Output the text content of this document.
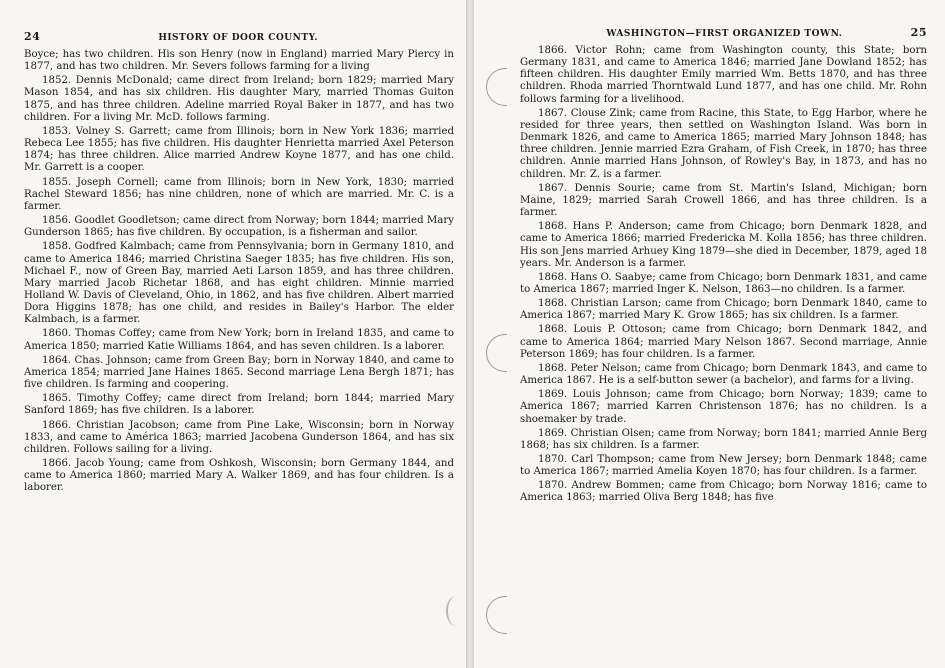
24	HISTORY OF DOOR COUNTY.

Boyce; has two children. His son Henry (now in England) married Mary Piercy in 1877, and has two children. Mr. Severs follows farming for a living

1852. Dennis McDonald; came direct from Ireland; born 1829; married Mary Mason 1854, and has six children. His daughter Mary, married Thomas Guiton 1875, and has three children. Adeline married Royal Baker in 1877, and has two children. For a living Mr. McD. follows farming.

1853. Volney S. Garrett; came from Illinois; born in New York 1836; married Rebeca Lee 1855; has five children. His daughter Henrietta married Axel Peterson 1874; has three children. Alice married Andrew Koyne 1877, and has one child. Mr. Garrett is a cooper.

1855. Joseph Cornell; came from Illinois; born in New York, 1830; married Rachel Steward 1856; has nine children, none of which are married. Mr. C. is a farmer.

1856. Goodlet Goodletson; came direct from Norway; born 1844; married Mary Gunderson 1865; has five children. By occupation, is a fisherman and sailor.

1858. Godfred Kalmbach; came from Pennsylvania; born in Germany 1810, and came to America 1846; married Christina Saeger 1835; has five children. His son, Michael F., now of Green Bay, married Aeti Larson 1859, and has three children. Mary married Jacob Richetar 1868, and has eight children. Minnie married Holland W. Davis of Cleveland, Ohio, in 1862, and has five children. Albert married Dora Higgins 1878; has one child, and resides in Bailey's Harbor. The elder Kalmbach, is a farmer.

1860. Thomas Coffey; came from New York; born in Ireland 1835, and came to America 1850; married Katie Williams 1864, and has seven children. Is a laborer.

1864. Chas. Johnson; came from Green Bay; born in Norway 1840, and came to America 1854; married Jane Haines 1865. Second marriage Lena Bergh 1871; has five children. Is farming and coopering.

1865. Timothy Coffey; came direct from Ireland; born 1844; married Mary Sanford 1869; has five children. Is a laborer.

1866. Christian Jacobson; came from Pine Lake, Wisconsin; born in Norway 1833, and came to América 1863; married Jacobena Gunderson 1864, and has six children. Follows sailing for a living.

1866. Jacob Young; came from Oshkosh, Wisconsin; born Germany 1844, and came to America 1860; married Mary A. Walker 1869, and has four children. Is a laborer.

WASHINGTON—FIRST ORGANIZED TOWN.	25

1866. Victor Rohn; came from Washington county, this State; born Germany 1831, and came to America 1846; married Jane Dowland 1852; has fifteen children. His daughter Emily married Wm. Betts 1870, and has three children. Rhoda married Thorntwald Lund 1877, and has one child. Mr. Rohn follows farming for a livelihood.

1867. Clouse Zink; came from Racine, this State, to Egg Harbor, where he resided for three years, then settled on Washington Island. Was born in Denmark 1826, and came to America 1865; married Mary Johnson 1848; has three children. Jennie married Ezra Graham, of Fish Creek, in 1870; has three children. Annie married Hans Johnson, of Rowley's Bay, in 1873, and has no children. Mr. Z. is a farmer.

1867. Dennis Sourie; came from St. Martin's Island, Michigan; born Maine, 1829; married Sarah Crowell 1866, and has three children. Is a farmer.

1868. Hans P. Anderson; came from Chicago; born Denmark 1828, and came to America 1866; married Fredericka M. Kolla 1856; has three children. His son Jens married Arhuey King 1879—she died in December, 1879, aged 18 years. Mr. Anderson is a farmer.

1868. Hans O. Saabye; came from Chicago; born Denmark 1831, and came to America 1867; married Inger K. Nelson, 1863—no children. Is a farmer.

1868. Christian Larson; came from Chicago; born Denmark 1840, came to America 1867; married Mary K. Grow 1865; has six children. Is a farmer.

1868. Louis P. Ottoson; came from Chicago; born Denmark 1842, and came to America 1864; married Mary Nelson 1867. Second marriage, Annie Peterson 1869; has four children. Is a farmer.

1868. Peter Nelson; came from Chicago; born Denmark 1843, and came to America 1867. He is a self-button sewer (a bachelor), and farms for a living.

1869. Louis Johnson; came from Chicago; born Norway; 1839; came to America 1867; married Karren Christenson 1876; has no children. Is a shoemaker by trade.

1869. Christian Olsen; came from Norway; born 1841; married Annie Berg 1868; has six children. Is a farmer.

1870. Carl Thompson; came from New Jersey; born Denmark 1848; came to America 1867; married Amelia Koyen 1870; has four children. Is a farmer.

1870. Andrew Bommen; came from Chicago; born Norway 1816; came to America 1863; married Oliva Berg 1848; has five
